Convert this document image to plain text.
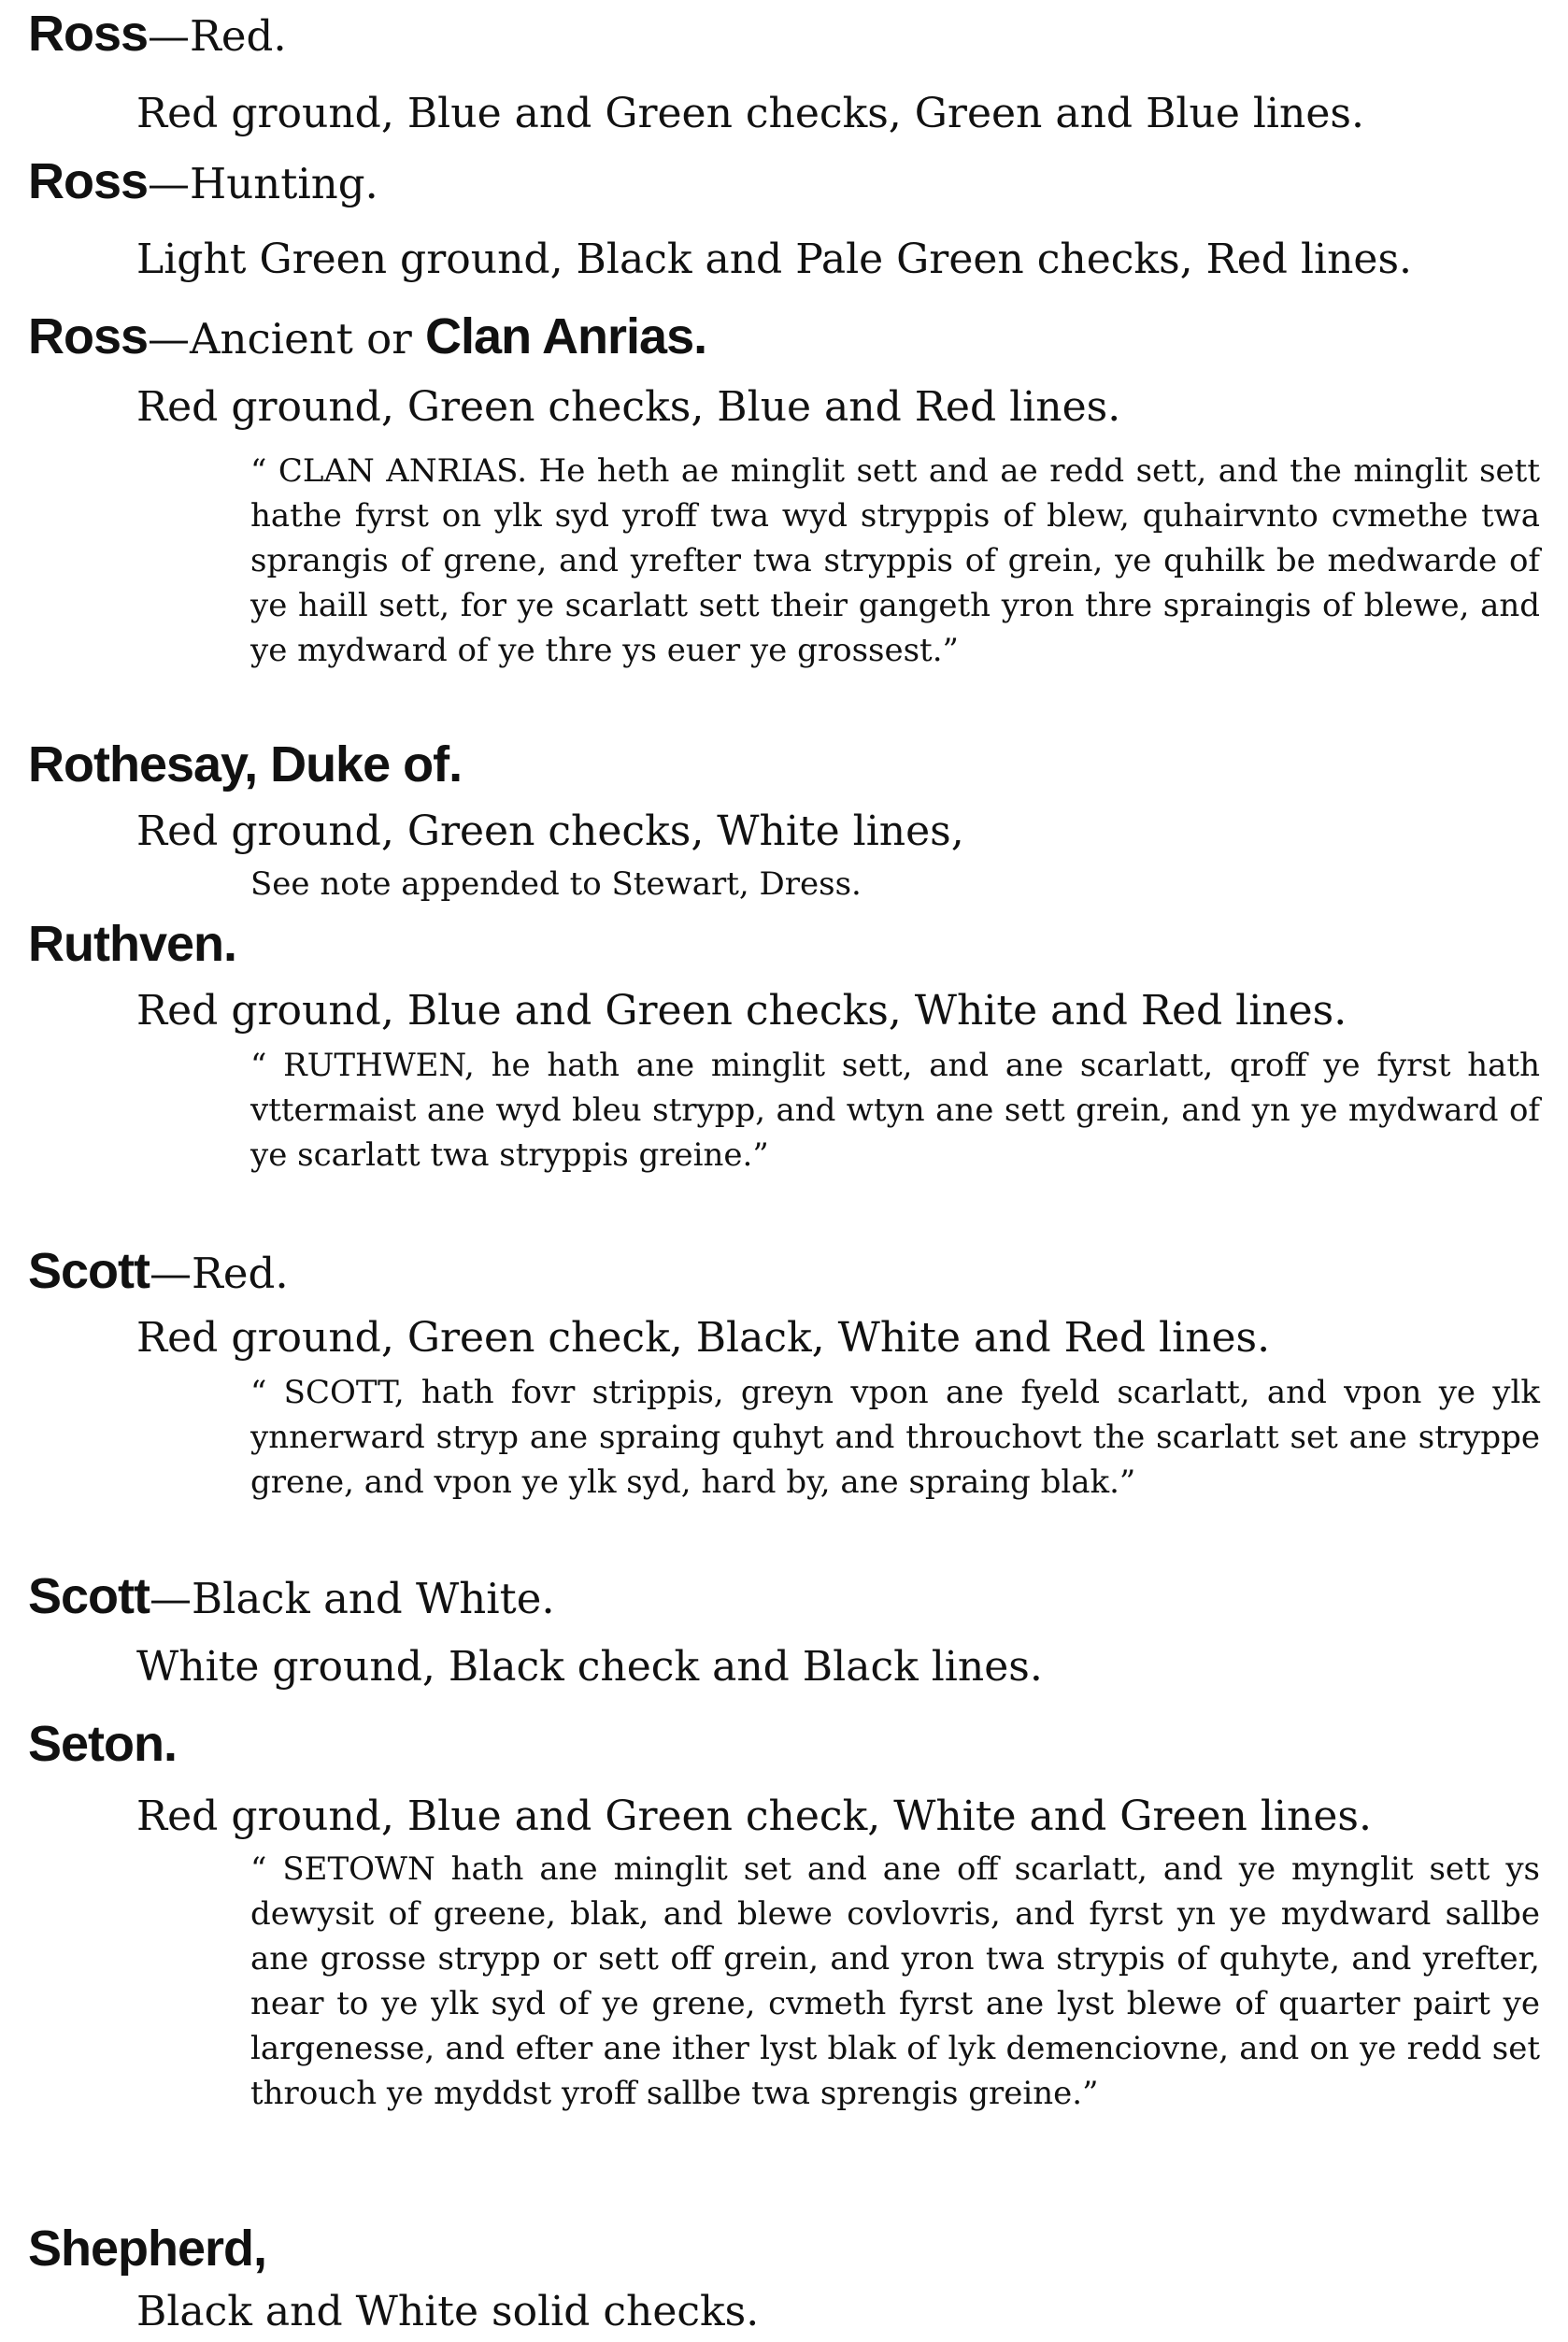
Ross—Red.
Red ground, Blue and Green checks, Green and Blue lines.
Ross—Hunting.
Light Green ground, Black and Pale Green checks, Red lines.
Ross—Ancient or Clan Anrias.
Red ground, Green checks, Blue and Red lines.
“ CLAN ANRIAS. He heth ae minglit sett and ae redd sett, and the minglit sett hathe fyrst on ylk syd yroff twa wyd stryppis of blew, quhairvnto cvmethe twa sprangis of grene, and yrefter twa stryppis of grein, ye quhilk be medwarde of ye haill sett, for ye scarlatt sett their gangeth yron thre spraingis of blewe, and ye mydward of ye thre ys euer ye grossest.”
Rothesay, Duke of.
Red ground, Green checks, White lines,
See note appended to Stewart, Dress.
Ruthven.
Red ground, Blue and Green checks, White and Red lines.
“ RUTHWEN, he hath ane minglit sett, and ane scarlatt, qroff ye fyrst hath vttermaist ane wyd bleu strypp, and wtyn ane sett grein, and yn ye mydward of ye scarlatt twa stryppis greine.”
Scott—Red.
Red ground, Green check, Black, White and Red lines.
“ SCOTT, hath fovr strippis, greyn vpon ane fyeld scarlatt, and vpon ye ylk ynnerward stryp ane spraing quhyt and throuchovt the scarlatt set ane stryppe grene, and vpon ye ylk syd, hard by, ane spraing blak.”
Scott—Black and White.
White ground, Black check and Black lines.
Seton.
Red ground, Blue and Green check, White and Green lines.
“ SETOWN hath ane minglit set and ane off scarlatt, and ye mynglit sett ys dewysit of greene, blak, and blewe covlovris, and fyrst yn ye mydward sallbe ane grosse strypp or sett off grein, and yron twa strypis of quhyte, and yrefter, near to ye ylk syd of ye grene, cvmeth fyrst ane lyst blewe of quarter pairt ye largenesse, and efter ane ither lyst blak of lyk demenciovne, and on ye redd set throuch ye myddst yroff sallbe twa sprengis greine.”
Shepherd,
Black and White solid checks.
